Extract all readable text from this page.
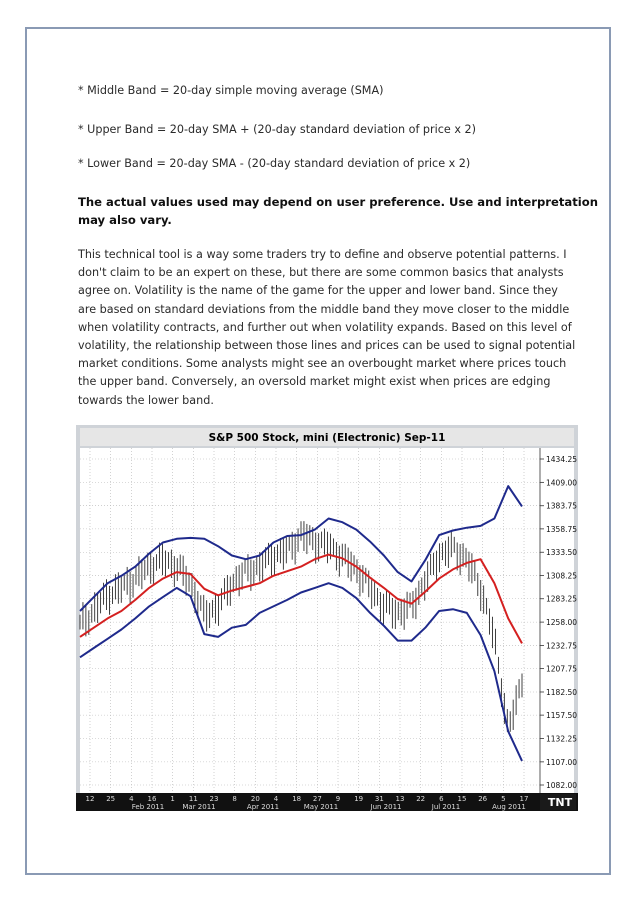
* Middle Band = 20-day simple moving average (SMA)
* Upper Band = 20-day SMA + (20-day standard deviation of price x 2)
* Lower Band = 20-day SMA - (20-day standard deviation of price x 2)
The actual values used may depend on user preference. Use and interpretation
may also vary.
This technical tool is a way some traders try to define and observe potential patterns. I
don't claim to be an expert on these, but there are some common basics that analysts
agree on. Volatility is the name of the game for the upper and lower band. Since they
are based on standard deviations from the middle band they move closer to the middle
when volatility contracts, and further out when volatility expands. Based on this level of
volatility, the relationship between those lines and prices can be used to signal potential
market conditions. Some analysts might see an overbought market where prices touch
the upper band. Conversely, an oversold market might exist when prices are edging
towards the lower band.
S&P 500 Stock, mini (Electronic) Sep-11
1434.25
1409.00
1383.75
1358.75
1333.50
1308.25
1283.25
1258.00
1232.75
1207.75
1182.50
1157.50
1132.25
1107.00
1082.00
12 25 4 16 1 11 23 8 20 4 18 27 9 19 31 13 22 6 15 26 5 17
Feb 2011	Mar 2011	Apr 2011	May 2011	Jun 2011	Jul 2011	Aug 2011 TNT
